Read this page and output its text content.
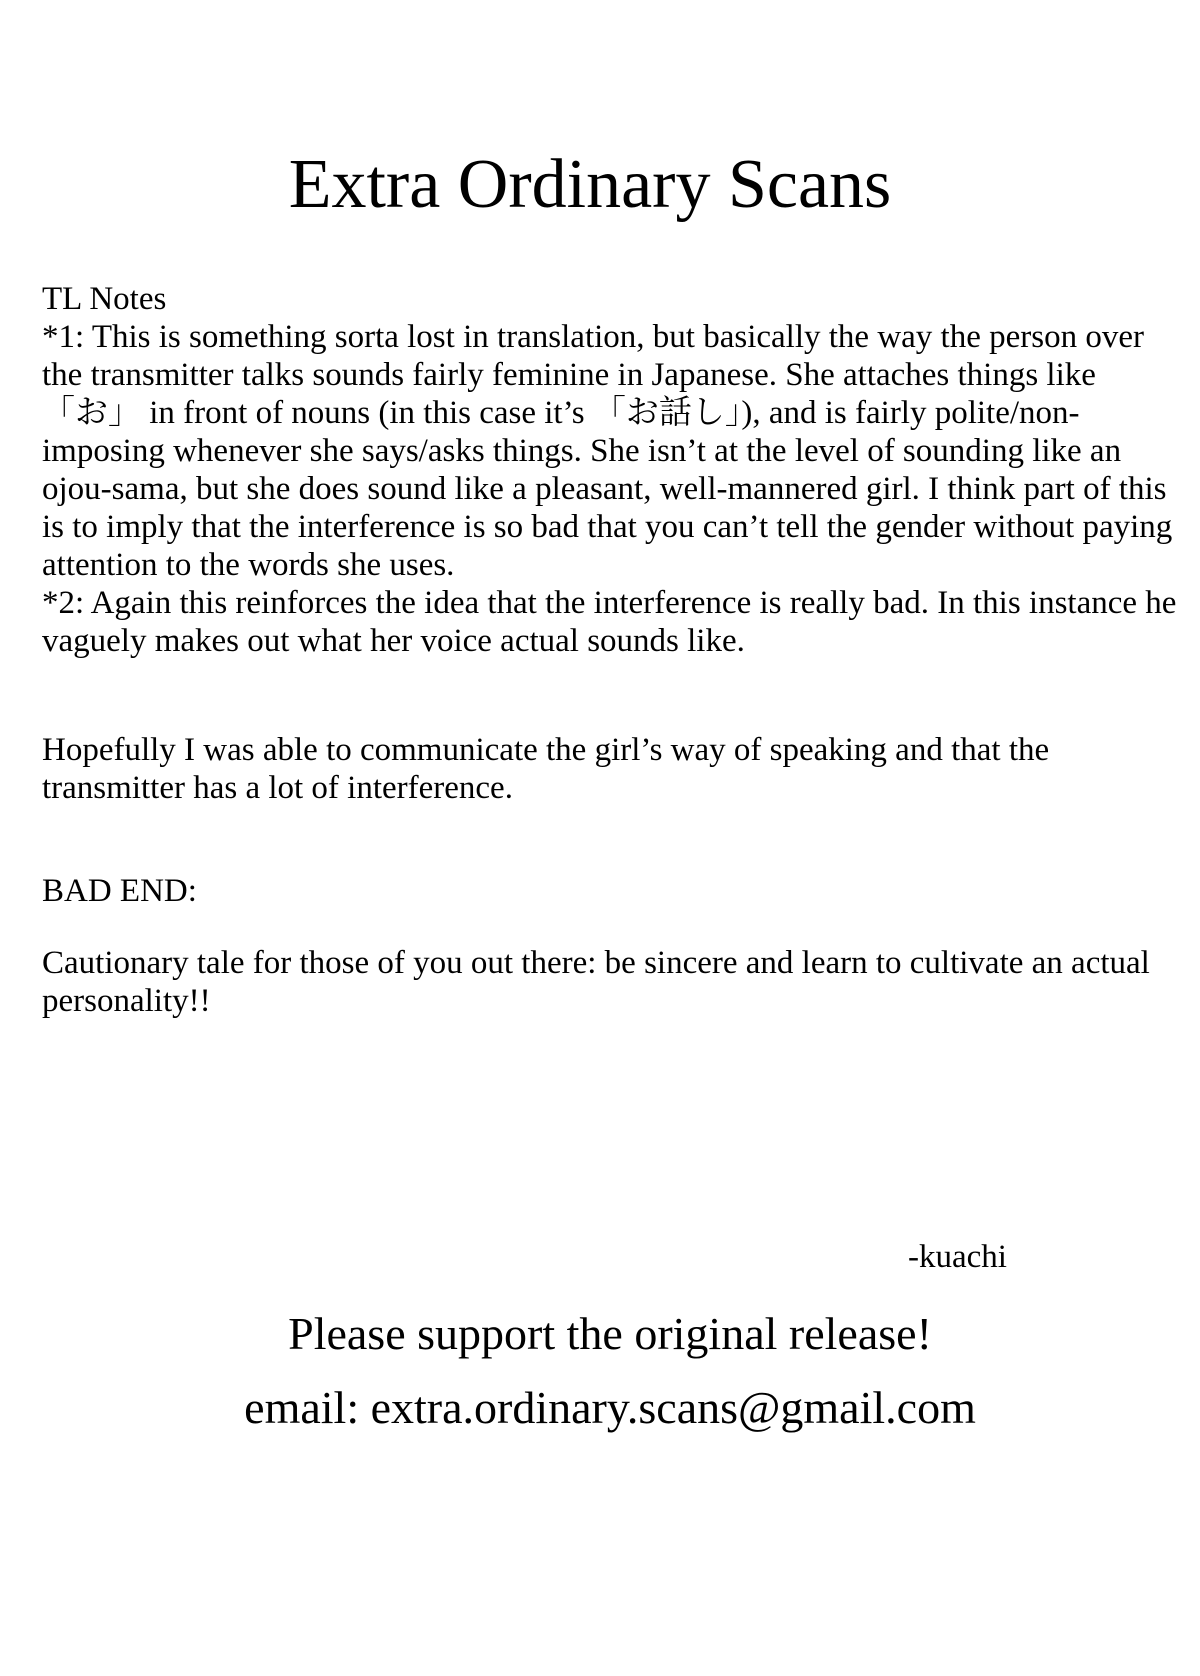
Extra Ordinary Scans

TL Notes

*1: This is something sorta lost in translation, but basically the way the person over the transmitter talks sounds fairly feminine in Japanese. She attaches things like「お」 in front of nouns (in this case it’s 「お話し」), and is fairly polite/non-imposing whenever she says/asks things. She isn’t at the level of sounding like an ojou-sama, but she does sound like a pleasant, well-mannered girl. I think part of this is to imply that the interference is so bad that you can’t tell the gender without paying attention to the words she uses.

*2: Again this reinforces the idea that the interference is really bad. In this instance he vaguely makes out what her voice actual sounds like.

Hopefully I was able to communicate the girl’s way of speaking and that the transmitter has a lot of interference.

BAD END:

Cautionary tale for those of you out there: be sincere and learn to cultivate an actual personality!!

-kuachi
Please support the original release!
email: extra.ordinary.scans@gmail.com
